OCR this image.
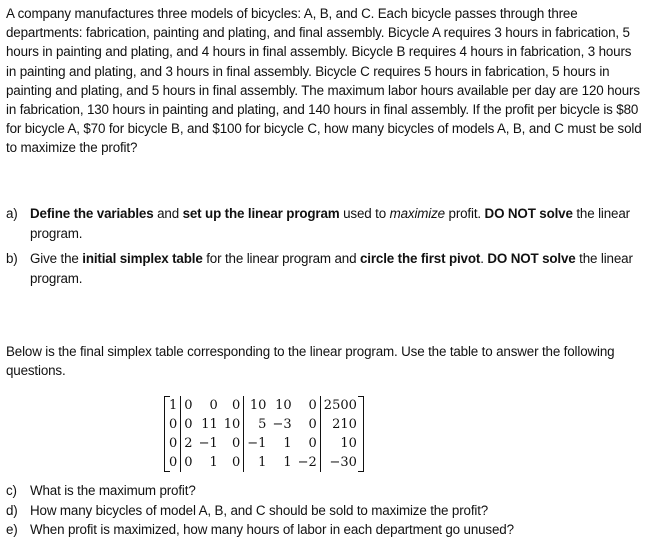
A company manufactures three models of bicycles: A, B, and C. Each bicycle passes through three departments: fabrication, painting and plating, and final assembly. Bicycle A requires 3 hours in fabrication, 5 hours in painting and plating, and 4 hours in final assembly. Bicycle B requires 4 hours in fabrication, 3 hours in painting and plating, and 3 hours in final assembly. Bicycle C requires 5 hours in fabrication, 5 hours in painting and plating, and 5 hours in final assembly. The maximum labor hours available per day are 120 hours in fabrication, 130 hours in painting and plating, and 140 hours in final assembly. If the profit per bicycle is $80 for bicycle A, $70 for bicycle B, and $100 for bicycle C, how many bicycles of models A, B, and C must be sold to maximize the profit?

a) Define the variables and set up the linear program used to maximize profit. DO NOT solve the linear program.
b) Give the initial simplex table for the linear program and circle the first pivot. DO NOT solve the linear program.

Below is the final simplex table corresponding to the linear program. Use the table to answer the following questions.

1	0	0	0	10	10	0	2500
0	0	11	10	5	−3	0	210
0	2	−1	0	−1	1	0	10
0	0	1	0	1	1	−2	−30
c) What is the maximum profit?
d) How many bicycles of model A, B, and C should be sold to maximize the profit?
e) When profit is maximized, how many hours of labor in each department go unused?
